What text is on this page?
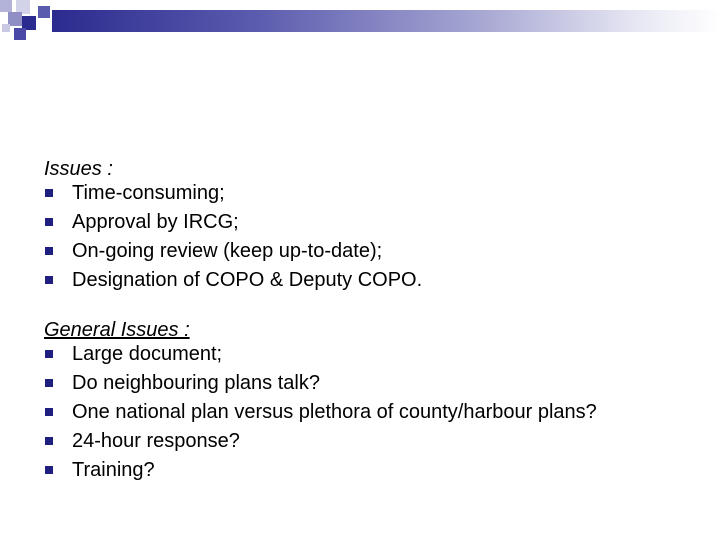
Issues :

Time-consuming;
Approval by IRCG;
On-going review (keep up-to-date);
Designation of COPO & Deputy COPO.

General Issues :

Large document;
Do neighbouring plans talk?
One national plan versus plethora of county/harbour plans?
24-hour response?
Training?
